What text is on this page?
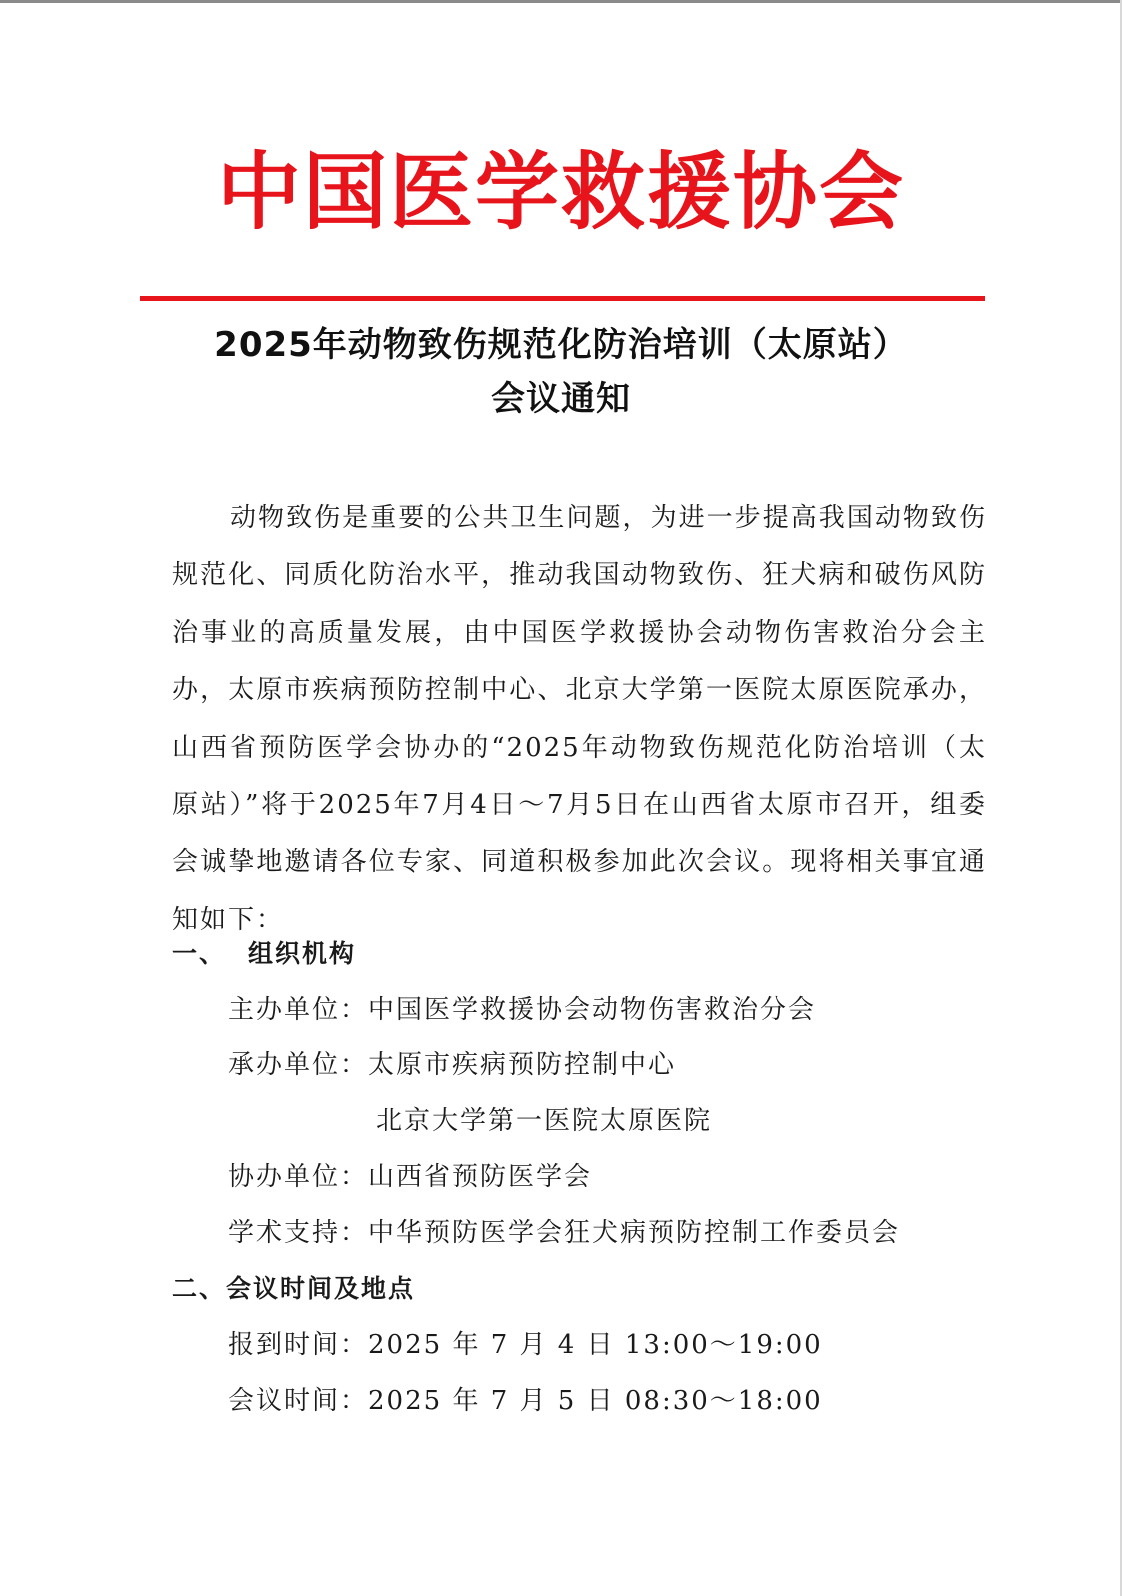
中国医学救援协会
2025年动物致伤规范化防治培训（太原站）
会议通知
动物致伤是重要的公共卫生问题，为进一步提高我国动物致伤规范化、同质化防治水平，推动我国动物致伤、狂犬病和破伤风防治事业的高质量发展，由中国医学救援协会动物伤害救治分会主办，太原市疾病预防控制中心、北京大学第一医院太原医院承办，山西省预防医学会协办的“2025年动物致伤规范化防治培训（太原站）”将于2025年7月4日～7月5日在山西省太原市召开，组委会诚挚地邀请各位专家、同道积极参加此次会议。现将相关事宜通知如下：
一、 组织机构
主办单位：中国医学救援协会动物伤害救治分会
承办单位：太原市疾病预防控制中心
北京大学第一医院太原医院
协办单位：山西省预防医学会
学术支持：中华预防医学会狂犬病预防控制工作委员会
二、会议时间及地点
报到时间：2025 年 7 月 4 日 13:00～19:00
会议时间：2025 年 7 月 5 日 08:30～18:00
